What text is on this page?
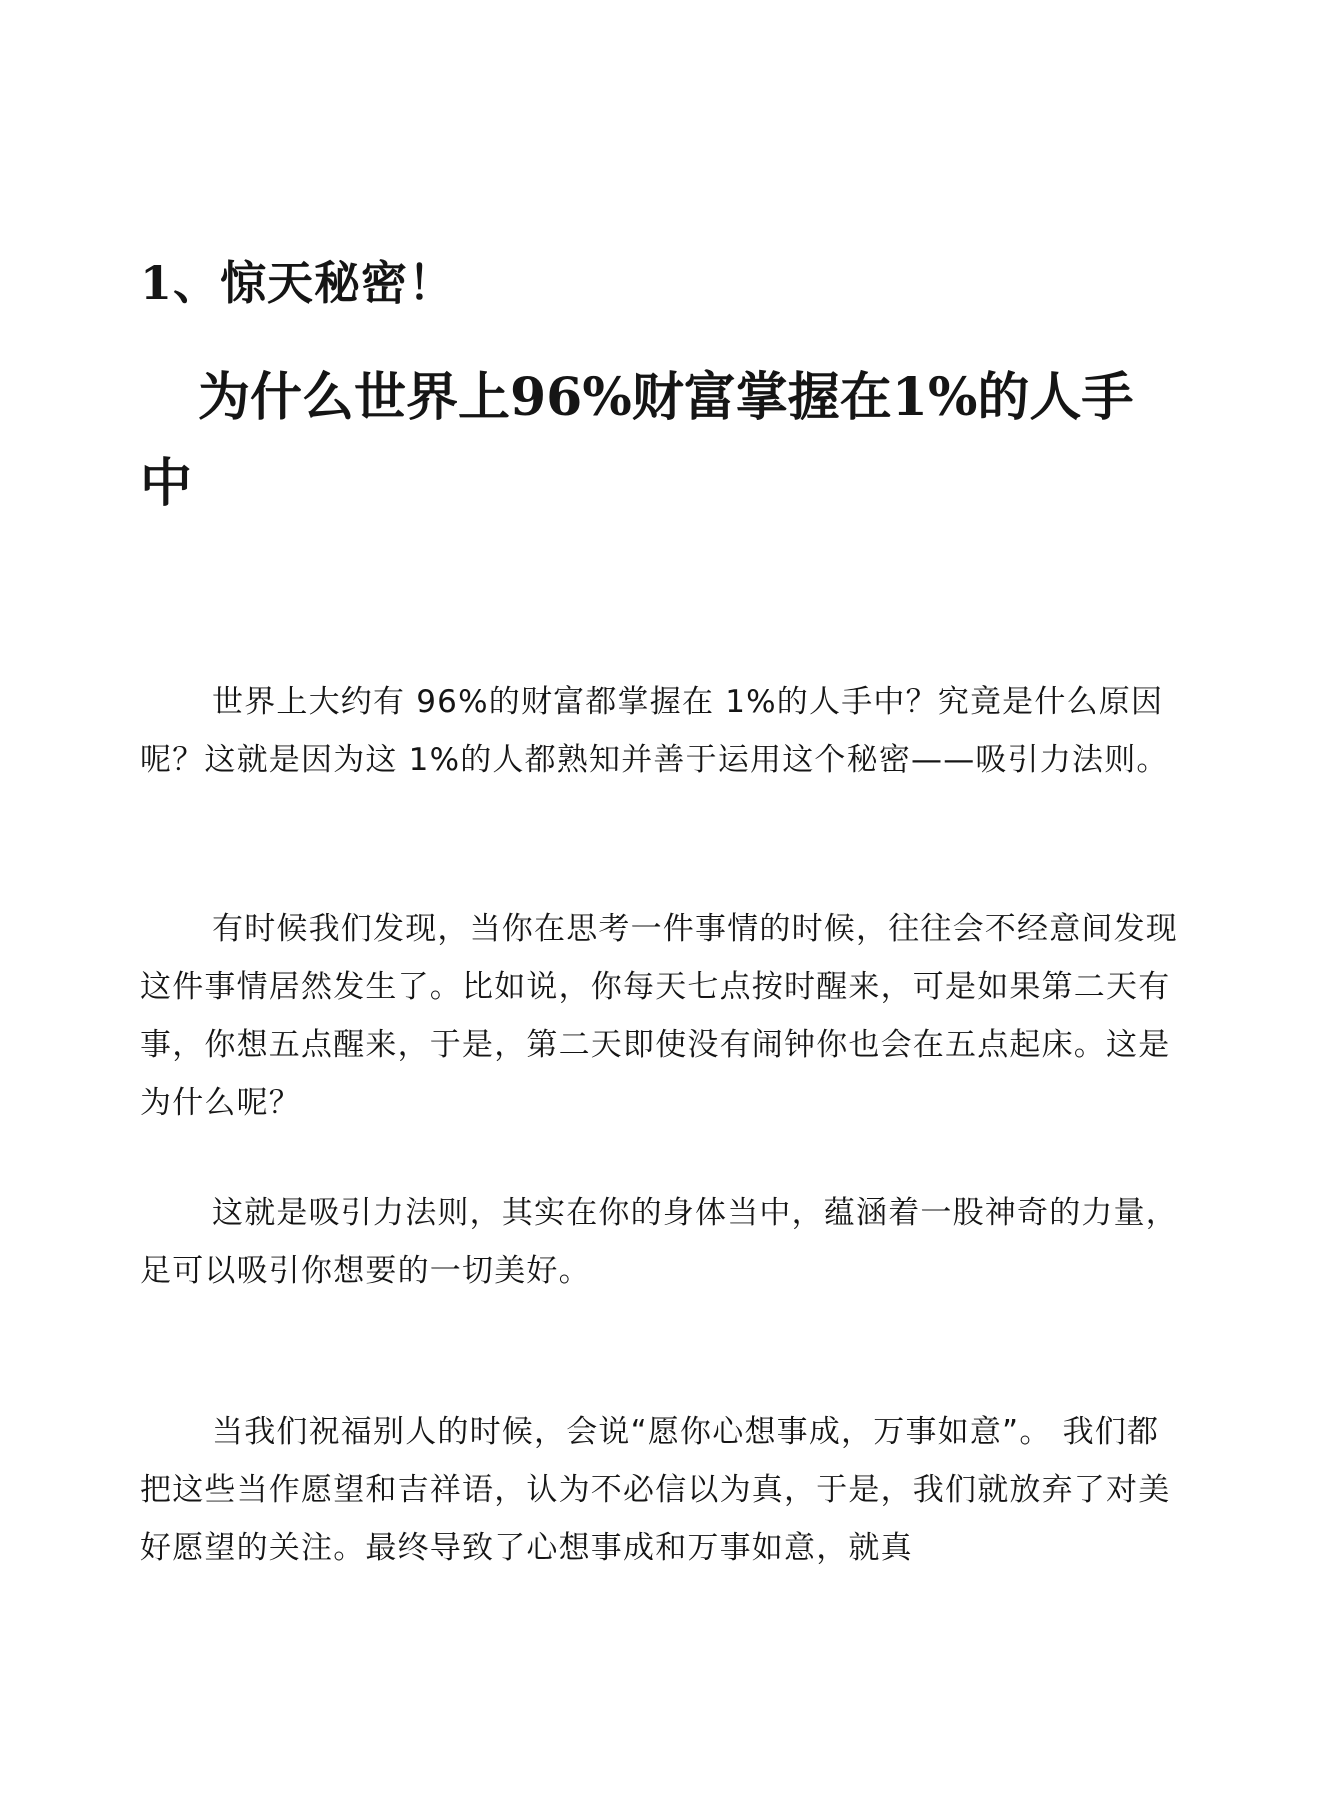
1、惊天秘密！
为什么世界上96%财富掌握在1%的人手中

世界上大约有 96%的财富都掌握在 1%的人手中？究竟是什么原因呢？这就是因为这 1%的人都熟知并善于运用这个秘密——吸引力法则。

有时候我们发现，当你在思考一件事情的时候，往往会不经意间发现这件事情居然发生了。比如说，你每天七点按时醒来，可是如果第二天有事，你想五点醒来，于是，第二天即使没有闹钟你也会在五点起床。这是为什么呢？

这就是吸引力法则，其实在你的身体当中，蕴涵着一股神奇的力量，足可以吸引你想要的一切美好。

当我们祝福别人的时候，会说“愿你心想事成，万事如意”。 我们都把这些当作愿望和吉祥语，认为不必信以为真，于是，我们就放弃了对美好愿望的关注。最终导致了心想事成和万事如意，就真
